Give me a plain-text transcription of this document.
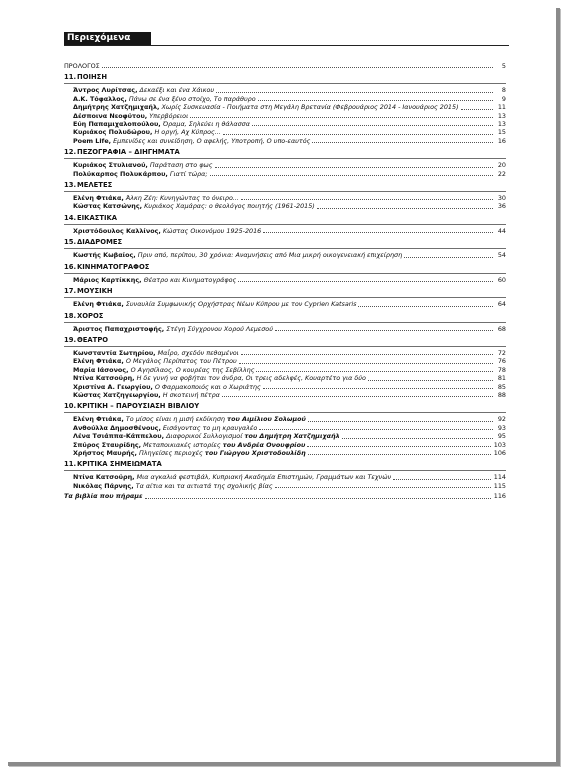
Περιεχόμενα
ΠΡΟΛΟΓΟΣ	5
11.ΠΟΙΗΣΗ
Άντρος Λυρίτσας, Δεκαέξι και ένα Χάικου	8
Α.Κ. Τόφαλλος, Πάνω σε ένα ξένο στοίχο, Το παράθυρο	9
Δημήτρης Χατζημιχαήλ, Χωρίς Συσκευασία - Ποιήματα στη Μεγάλη Βρετανία (Φεβρουάριος 2014 - Ιανουάριος 2015)	11
Δέσποινα Νεοφύτου, Υπερβόρειοι	13
Εύη Παπαμιχαλοπούλου, Όραμα, Σηλεύει η θάλασσα	13
Κυριάκος Πολυδώρου, Η οργή, Αχ Κύπρος...	15
Poem Life, Εμπενίδες και συνείδηση, Ο αφελής, Υποτροπή, Ο υπο-εαυτός	16
12.ΠΕΖΟΓΡΑΦΙΑ – ΔΙΗΓΗΜΑΤΑ
Κυριάκος Στυλιανού, Παράταση στο φως	20
Πολύκαρπος Πολυκάρπου, Γιατί τώρα;	22
13.ΜΕΛΕΤΕΣ
Ελένη Φτιάκα, Άλκη Ζέη: Κυνηγώντας το όνειρο...	30
Κώστας Κατσώνης, Κυριάκος Χαμάρας: ο θεολόγος ποιητής (1961-2015)	36
14.ΕΙΚΑΣΤΙΚΑ
Χριστόδουλος Καλλίνος, Κώστας Οικονόμου 1925-2016	44
15.ΔΙΑΔΡΟΜΕΣ
Κωστής Κωβαίος, Πριν από, περίπου, 30 χρόνια: Αναμνήσεις από Μια μικρή οικογενειακή επιχείρηση	54
16.ΚΙΝΗΜΑΤΟΓΡΑΦΟΣ
Μάριος Καρτίκκης, Θέατρο και Κινηματογράφος	60
17.ΜΟΥΣΙΚΗ
Ελένη Φτιάκα, Συναυλία Συμφωνικής Ορχήστρας Νέων Κύπρου με τον Cyprien Katsaris	64
18.ΧΟΡΟΣ
Άριστος Παπαχριστοφής, Στέγη Σύγχρονου Χορού Λεμεσού	68
19.ΘΕΑΤΡΟ
Κωνσταντία Σωτηρίου, Μαΐρο, σχεδόν πεθαμένοι	72
Ελένη Φτιάκα, Ο Μεγάλος Περίπατος του Πέτρου	76
Μαρία Ιάσονος, Ο Αγησίλαος, Ο κουρέας της Σεβίλλης	78
Ντίνα Κατσούρη, Η δε γυνή να φοβήται τον άνδρα, Οι τρεις αδελφές, Κουαρτέτο για δύο	81
Χριστίνα Α. Γεωργίου, Ο Φαρμακοποιός και ο Χωριάτης	85
Κώστας Χατζηγεωργίου, Η σκοτεινή πέτρα	88
10.ΚΡΙΤΙΚΗ – ΠΑΡΟΥΣΙΑΣΗ ΒΙΒΛΙΟΥ
Ελένη Φτιάκα, Το μίσος είναι η μισή εκδίκηση του Αιμίλιου Σολωμού	92
Ανθούλλα Δημοσθένους, Εισάγοντας το μη κραυγαλέο	93
Λένα Τσιάππα-Κάππελου, Διαφορικοί Συλλογισμοί του Δημήτρη Χατζημιχαήλ	95
Σπύρος Σταυρίδης, Μεταποικιακές ιστορίες του Ανδρέα Ονουφρίου	103
Χρήστος Μαυρής, Πληγείσες περιοχές του Γιώργου Χριστοδουλίδη	106
11.ΚΡΙΤΙΚΑ ΣΗΜΕΙΩΜΑΤΑ
Ντίνα Κατσούρη, Μια αγκαλιά φεστιβάλ, Κυπριακή Ακαδημία Επιστημών, Γραμμάτων και Τεχνών	114
Νικόλας Πάρνης, Τα αίτια και τα αιτιατά της σχολικής βίας	115
Τα βιβλία που πήραμε	116
